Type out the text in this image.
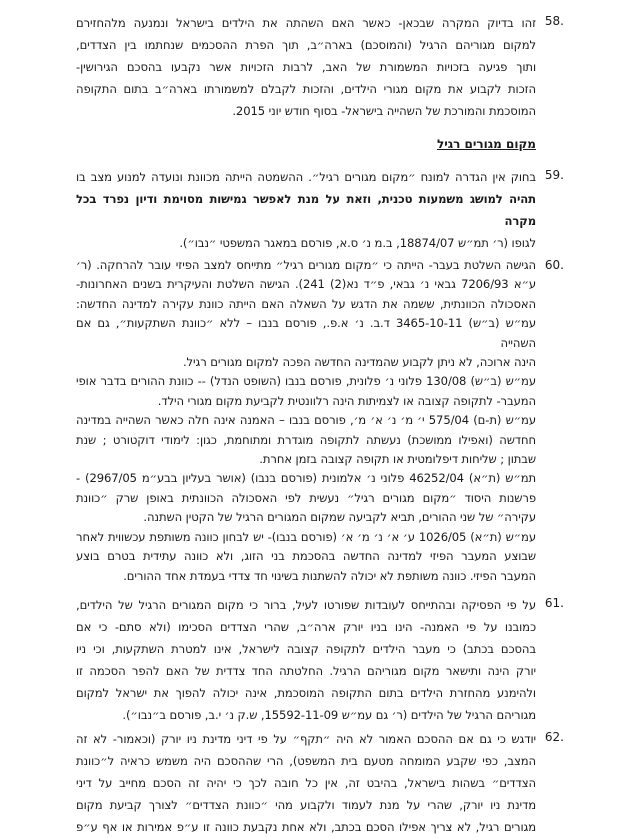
58.
זהו בדיוק המקרה שבכאן- כאשר האם השהתה את הילדים בישראל ונמנעה מלהחזירם
למקום מגוריהם הרגיל (והמוסכם) בארה״ב, תוך הפרת ההסכמים שנחתמו בין הצדדים,
ותוך פגיעה בזכויות המשמורת של האב, לרבות הזכויות אשר נקבעו בהסכם הגירושין-
הזכות לקבוע את מקום מגורי הילדים, והזכות לקבלם למשמורתו בארה״ב בתום התקופה
המוסכמת והמורכת של השהייה בישראל- בסוף חודש יוני 2015.
מקום מגורים רגיל
59.
בחוק אין הגדרה למונח ״מקום מגורים רגיל״. ההשמטה הייתה מכוונת ונועדה למנוע מצב בו
תהיה למושג משמעות טכנית, וזאת על מנת לאפשר גמישות מסוימת ודיון נפרד בכל מקרה
לגופו (ר׳ תמ״ש 18874/07, ב.מ נ׳ ס.א, פורסם במאגר המשפטי ״נבו״).
60.
הגישה השלטת בעבר- הייתה כי ״מקום מגורים רגיל״ מתייחס למצב הפיזי עובר להרחקה. (ר׳
ע״א 7206/93 גבאי נ׳ גבאי, פ״ד נא(2) 241). הגישה השלטת והעיקרית בשנים האחרונות-
האסכולה הכוונתית, ששמה את הדגש על השאלה האם הייתה כוונת עקירה למדינה החדשה:
עמ״ש (ב״ש) 3465-10-11 ד.ב. נ׳ א.פ., פורסם בנבו – ללא ״כוונת השתקעות״, גם אם השהייה
הינה ארוכה, לא ניתן לקבוע שהמדינה החדשה הפכה למקום מגורים רגיל.
עמ״ש (ב״ש) 130/08 פלוני נ׳ פלונית, פורסם בנבו (השופט הנדל) -- כוונת ההורים בדבר אופי
המעבר- לתקופה קצובה או לצמיתות הינה רלוונטית לקביעת מקום מגורי הילד.
עמ״ש (ת-ם) 575/04 י׳ מ׳ נ׳ א׳ מ׳, פורסם בנבו – האמנה אינה חלה כאשר השהייה במדינה
חחדשה (ואפילו ממושכת) נעשתה לתקופה מוגדרת ומתוחמת, כגון: לימודי דוקטורט ; שנת
שבתון ; שליחות דיפלומטית או תקופה קצובה בזמן אחרת.
תמ״ש (ת״א) 46252/04 פלוני נ׳ אלמונית (פורסם בנבו) (אושר בעליון בבע״מ 2967/05) -
פרשנות היסוד ״מקום מגורים רגיל״ נעשית לפי האסכולה הכוונתית באופן שרק ״כוונת
עקירה״ של שני ההורים, תביא לקביעה שמקום המגורים הרגיל של הקטין השתנה.
עמ״ש (ת״א) 1026/05 ע׳ א׳ נ׳ מ׳ א׳ (פורסם בנבו)- יש לבחון כוונה משותפת עכשווית לאחר
שבוצע המעבר הפיזי למדינה החדשה בהסכמת בני הזוג, ולא כוונה עתידית בטרם בוצע
המעבר הפיזי. כוונה משותפת לא יכולה להשתנות בשינוי חד צדדי בעמדת אחד ההורים.
61.
על פי הפסיקה ובהתייחס לעובדות שפורטו לעיל, ברור כי מקום המגורים הרגיל של הילדים,
כמובנו על פי האמנה- הינו בניו יורק ארה״ב, שהרי הצדדים הסכימו (ולא סתם- כי אם
בהסכם בכתב) כי מעבר הילדים לתקופה קצובה לישראל, אינו למטרת השתקעות, וכי ניו
יורק הינה ותישאר מקום מגוריהם הרגיל. החלטתה החד צדדית של האם להפר הסכמה זו
ולהימנע מהחזרת הילדים בתום התקופה המוסכמת, אינה יכולה להפוך את ישראל למקום
מגוריהם הרגיל של הילדים (ר׳ גם עמ״ש 15592-11-09, ש.ק נ׳ י.ב, פורסם ב״נבו״).
62.
יודגש כי גם אם ההסכם האמור לא היה ״תקף״ על פי דיני מדינת ניו יורק (וכאמור- לא זה
המצב, כפי שקבע המומחה מטעם בית המשפט), הרי שההסכם היה משמש כראיה ל״כוונת
הצדדים״ בשהות בישראל, בהיבט זה, אין כל חובה לכך כי יהיה זה הסכם מחייב על דיני
מדינת ניו יורק, שהרי על מנת לעמוד ולקבוע מהי ״כוונת הצדדים״ לצורך קביעת מקום
מגורים רגיל, לא צריך אפילו הסכם בכתב, ולא אחת נקבעת כוונה זו ע״פ אמירות או אף ע״פ
